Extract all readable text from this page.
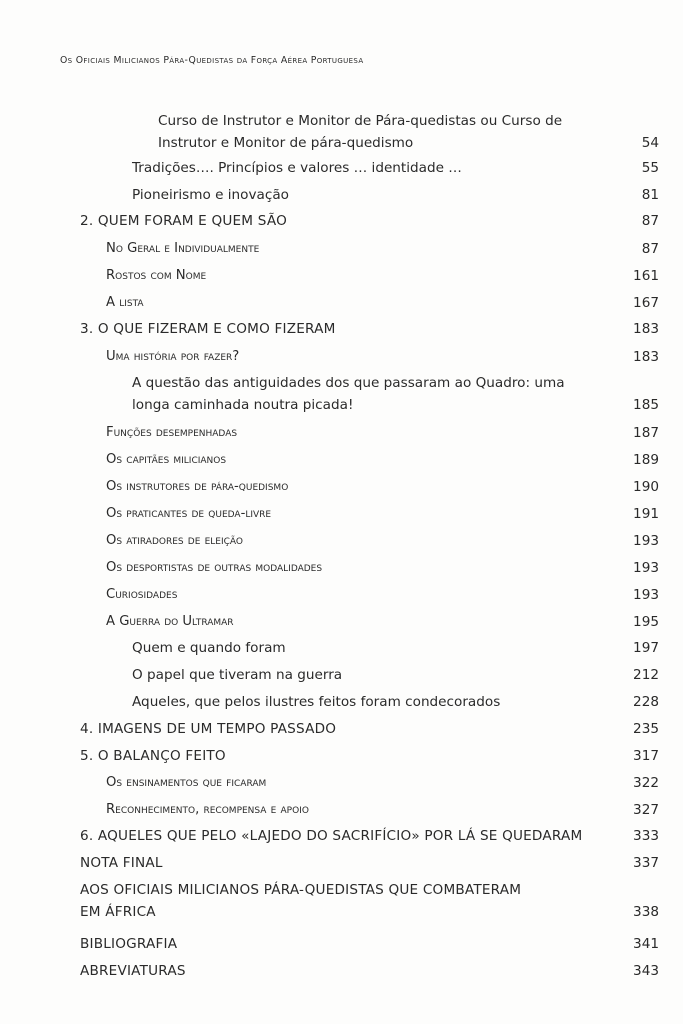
Os Oficiais Milicianos Pára-Quedistas da Força Aérea Portuguesa
Curso de Instrutor e Monitor de Pára-quedistas ou Curso de
Instrutor e Monitor de pára-quedismo	54
Tradições…. Princípios e valores … identidade …	55
Pioneirismo e inovação	81
2. QUEM FORAM E QUEM SÃO	87
No Geral e Individualmente	87
Rostos com Nome	161
A lista	167
3. O QUE FIZERAM E COMO FIZERAM	183
Uma história por fazer?	183
A questão das antiguidades dos que passaram ao Quadro: uma
longa caminhada noutra picada!	185
Funções desempenhadas	187
Os capitães milicianos	189
Os instrutores de pára-quedismo	190
Os praticantes de queda-livre	191
Os atiradores de eleição	193
Os desportistas de outras modalidades	193
Curiosidades	193
A Guerra do Ultramar	195
Quem e quando foram	197
O papel que tiveram na guerra	212
Aqueles, que pelos ilustres feitos foram condecorados	228
4. IMAGENS DE UM TEMPO PASSADO	235
5. O BALANÇO FEITO	317
Os ensinamentos que ficaram	322
Reconhecimento, recompensa e apoio	327
6. AQUELES QUE PELO «LAJEDO DO SACRIFÍCIO» POR LÁ SE QUEDARAM	333
NOTA FINAL	337
AOS OFICIAIS MILICIANOS PÁRA-QUEDISTAS QUE COMBATERAM
EM ÁFRICA	338
BIBLIOGRAFIA	341
ABREVIATURAS	343
